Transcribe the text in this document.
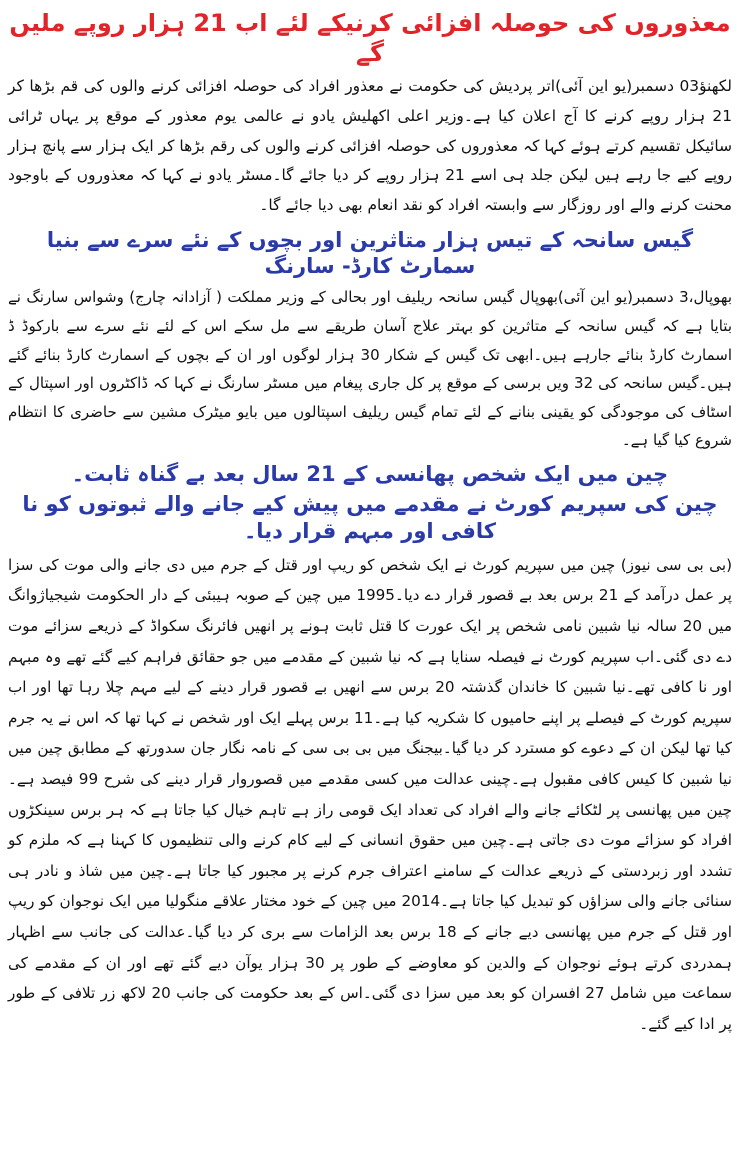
معذوروں کی حوصلہ افزائی کرنیکے لئے اب 21 ہزار روپے ملیں گے

لکھنؤ03 دسمبر(یو این آئی)اتر پردیش کی حکومت نے معذور افراد کی حوصلہ افزائی کرنے والوں کی قم بڑھا کر 21 ہزار روپے کرنے کا آج اعلان کیا ہے۔وزیر اعلی اکھلیش یادو نے عالمی یوم معذور کے موقع پر یہاں ٹرائی سائیکل تقسیم کرتے ہوئے کہا کہ معذوروں کی حوصلہ افزائی کرنے والوں کی رقم بڑھا کر ایک ہزار سے پانچ ہزار روپے کیے جا رہے ہیں لیکن جلد ہی اسے 21 ہزار روپے کر دیا جائے گا۔مسٹر یادو نے کہا کہ معذوروں کے باوجود محنت کرنے والے اور روزگار سے وابستہ افراد کو نقد انعام بھی دیا جائے گا۔

گیس سانحہ کے تیس ہزار متاثرین اور بچوں کے نئے سرے سے بنیا سمارٹ کارڈ- سارنگ

بھوپال،3 دسمبر(یو این آئی)بھوپال گیس سانحہ ریلیف اور بحالی کے وزیر مملکت ( آزادانہ چارج) وشواس سارنگ نے بتایا ہے کہ گیس سانحہ کے متاثرین کو بہتر علاج آسان طریقے سے مل سکے اس کے لئے نئے سرے سے بارکوڈ ڈ اسمارٹ کارڈ بنائے جارہے ہیں۔ابھی تک گیس کے شکار 30 ہزار لوگوں اور ان کے بچوں کے اسمارٹ کارڈ بنائے گئے ہیں۔گیس سانحہ کی 32 ویں برسی کے موقع پر کل جاری پیغام میں مسٹر سارنگ نے کہا کہ ڈاکٹروں اور اسپتال کے اسٹاف کی موجودگی کو یقینی بنانے کے لئے تمام گیس ریلیف اسپتالوں میں بایو میٹرک مشین سے حاضری کا انتظام شروع کیا گیا ہے۔

چین میں ایک شخص پھانسی کے 21 سال بعد بے گناہ ثابت۔
چین کی سپریم کورٹ نے مقدمے میں پیش کیے جانے والے ثبوتوں کو نا کافی اور مبہم قرار دیا۔

(بی بی سی نیوز) چین میں سپریم کورٹ نے ایک شخص کو ریپ اور قتل کے جرم میں دی جانے والی موت کی سزا پر عمل درآمد کے 21 برس بعد بے قصور قرار دے دیا۔1995 میں چین کے صوبہ ہیبئی کے دار الحکومت شیجیاژوانگ میں 20 سالہ نیا شبین نامی شخص پر ایک عورت کا قتل ثابت ہونے پر انھیں فائرنگ سکواڈ کے ذریعے سزائے موت دے دی گئی۔اب سپریم کورٹ نے فیصلہ سنایا ہے کہ نیا شبین کے مقدمے میں جو حقائق فراہم کیے گئے تھے وہ مبہم اور نا کافی تھے۔نیا شبین کا خاندان گذشتہ 20 برس سے انھیں بے قصور قرار دینے کے لیے مہم چلا رہا تھا اور اب سپریم کورٹ کے فیصلے پر اپنے حامیوں کا شکریہ کیا ہے۔11 برس پہلے ایک اور شخص نے کہا تھا کہ اس نے یہ جرم کیا تھا لیکن ان کے دعوے کو مسترد کر دیا گیا۔بیجنگ میں بی بی سی کے نامہ نگار جان سدورتھ کے مطابق چین میں نیا شبین کا کیس کافی مقبول ہے۔چینی عدالت میں کسی مقدمے میں قصوروار قرار دینے کی شرح 99 فیصد ہے۔چین میں پھانسی پر لٹکائے جانے والے افراد کی تعداد ایک قومی راز ہے تاہم خیال کیا جاتا ہے کہ ہر برس سینکڑوں افراد کو سزائے موت دی جاتی ہے۔چین میں حقوق انسانی کے لیے کام کرنے والی تنظیموں کا کہنا ہے کہ ملزم کو تشدد اور زبردستی کے ذریعے عدالت کے سامنے اعتراف جرم کرنے پر مجبور کیا جاتا ہے۔چین میں شاذ و نادر ہی سنائی جانے والی سزاؤں کو تبدیل کیا جاتا ہے۔2014 میں چین کے خود مختار علاقے منگولیا میں ایک نوجوان کو ریپ اور قتل کے جرم میں پھانسی دیے جانے کے 18 برس بعد الزامات سے بری کر دیا گیا۔عدالت کی جانب سے اظہار ہمدردی کرتے ہوئے نوجوان کے والدین کو معاوضے کے طور پر 30 ہزار یوآن دیے گئے تھے اور ان کے مقدمے کی سماعت میں شامل 27 افسران کو بعد میں سزا دی گئی۔اس کے بعد حکومت کی جانب 20 لاکھ زر تلافی کے طور پر ادا کیے گئے۔
